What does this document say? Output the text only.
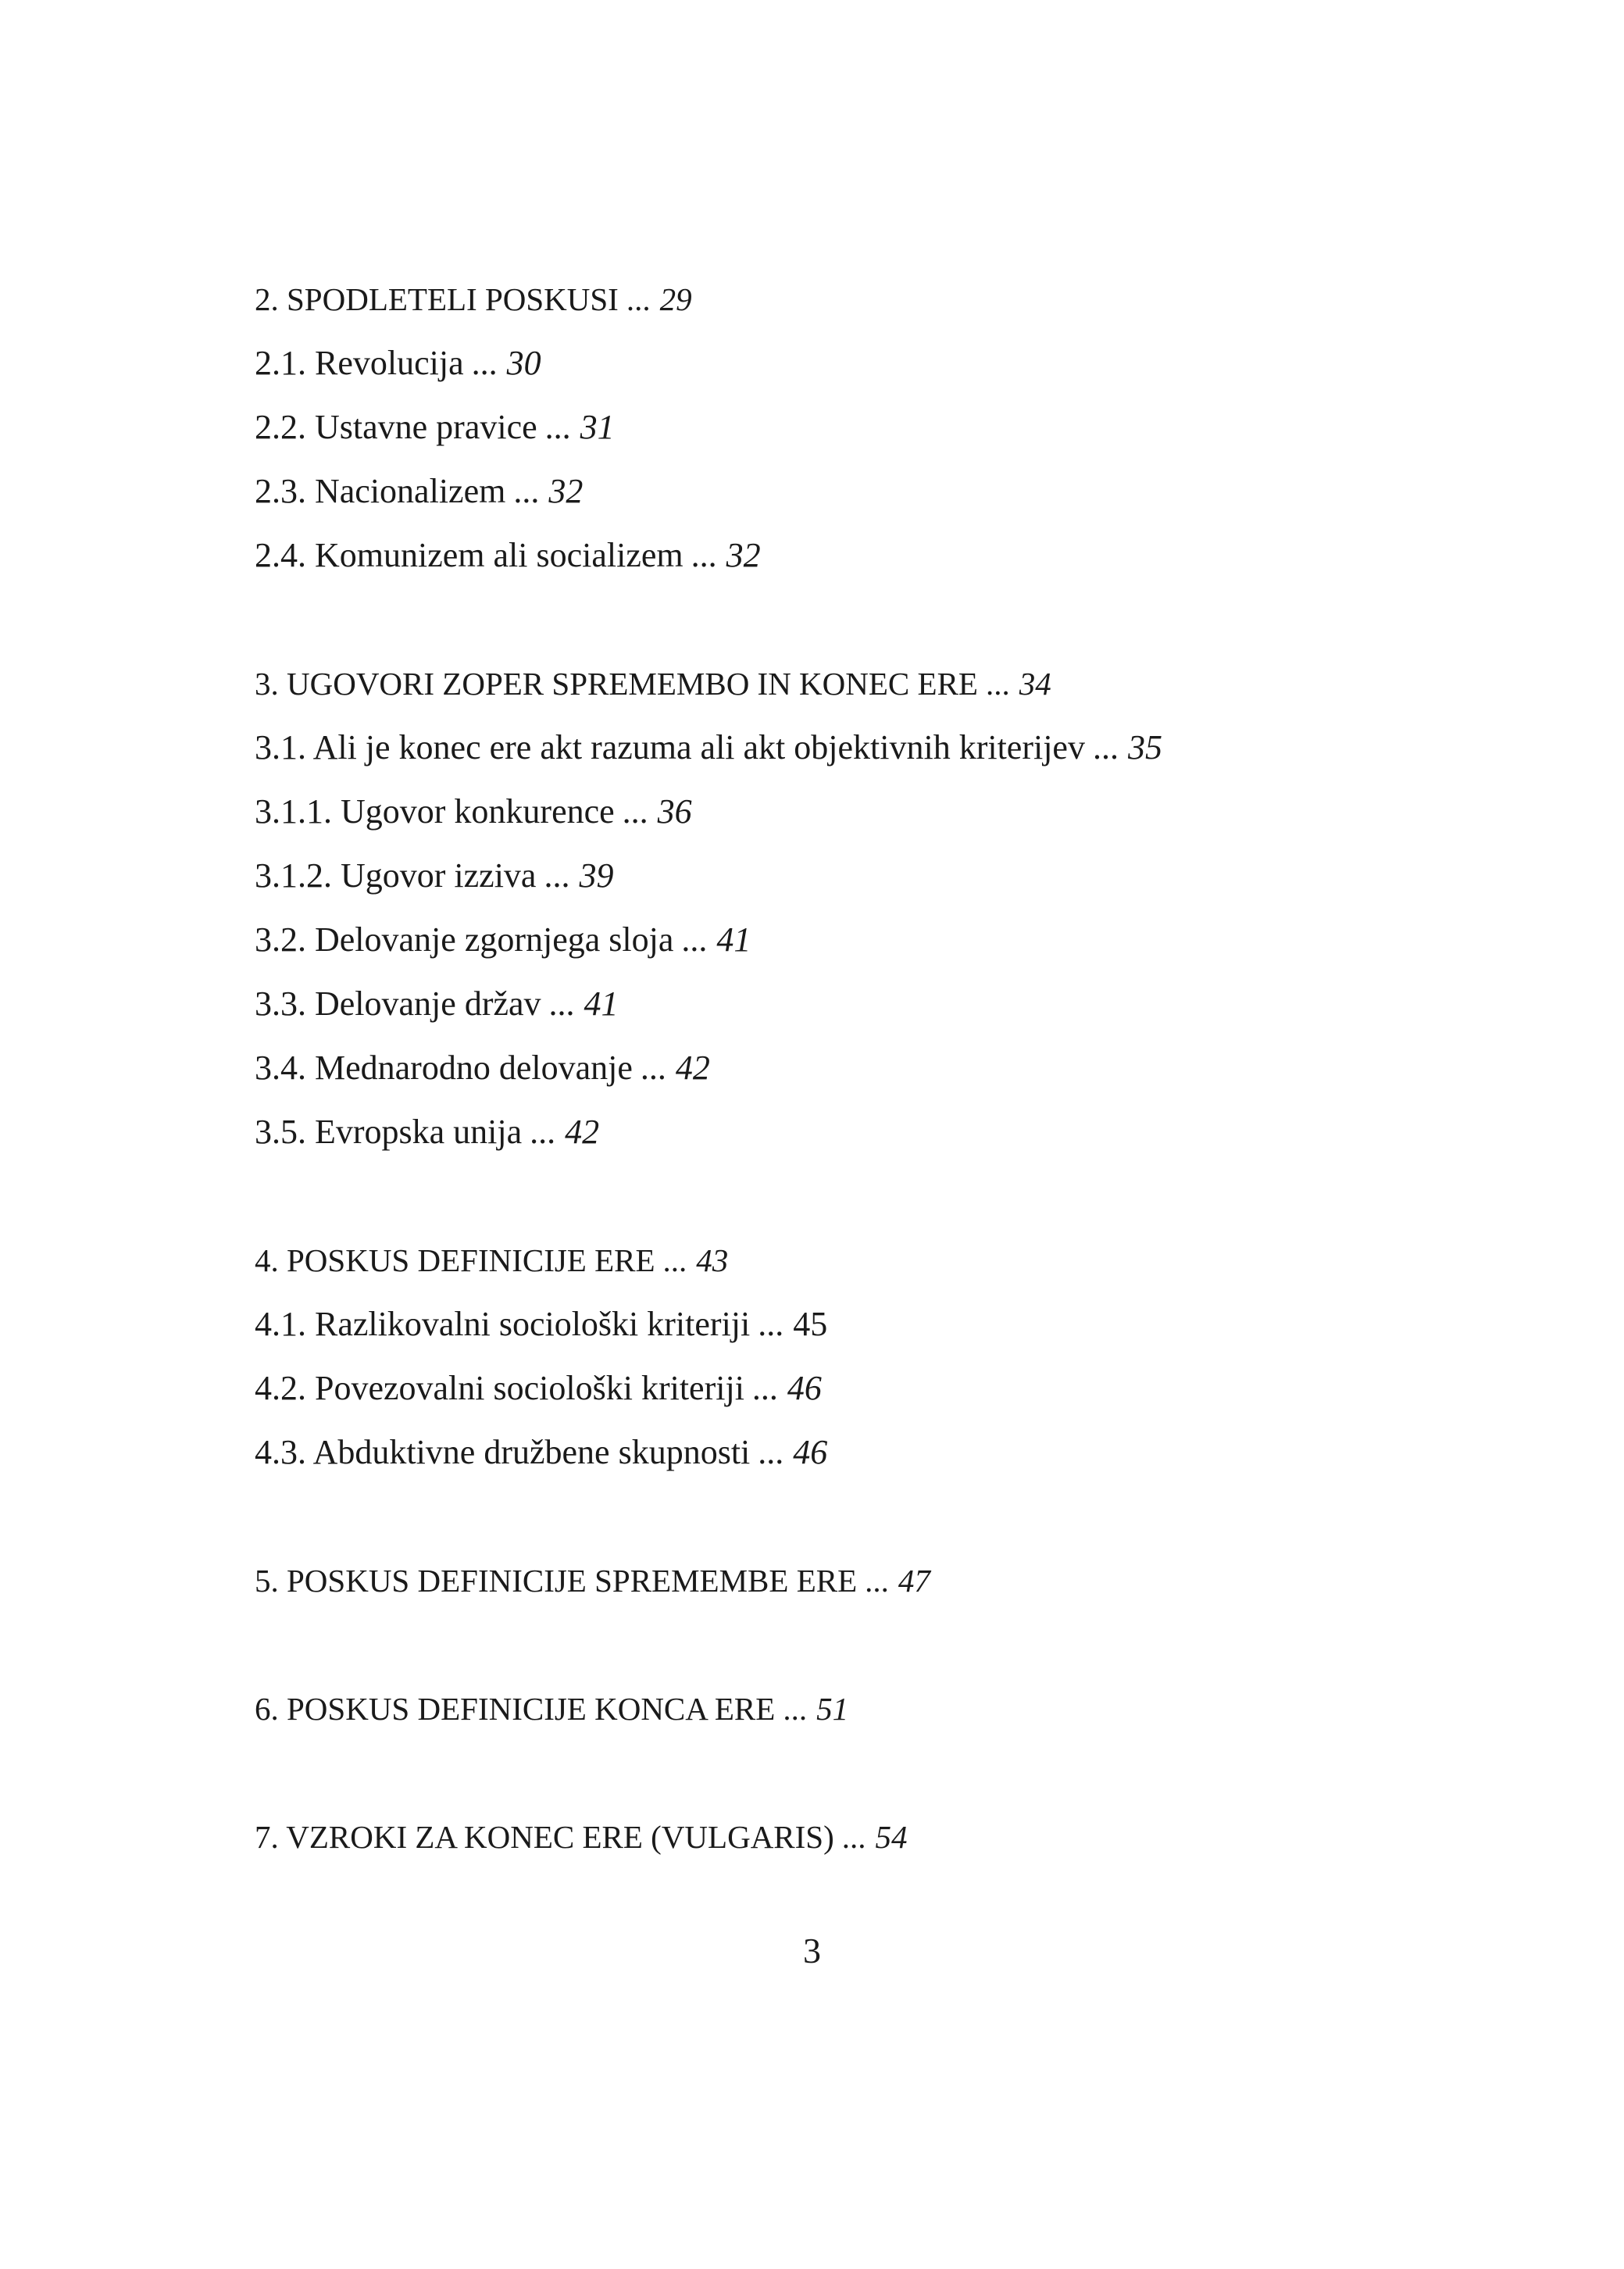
2. SPODLETELI POSKUSI ... 29
2.1. Revolucija ... 30
2.2. Ustavne pravice ... 31
2.3. Nacionalizem ... 32
2.4. Komunizem ali socializem ... 32
3. UGOVORI ZOPER SPREMEMBO IN KONEC ERE ... 34
3.1. Ali je konec ere akt razuma ali akt objektivnih kriterijev ... 35
3.1.1. Ugovor konkurence ... 36
3.1.2. Ugovor izziva ... 39
3.2. Delovanje zgornjega sloja ... 41
3.3. Delovanje držav ... 41
3.4. Mednarodno delovanje ... 42
3.5. Evropska unija ... 42
4. POSKUS DEFINICIJE ERE ... 43
4.1. Razlikovalni sociološki kriteriji ... 45
4.2. Povezovalni sociološki kriteriji ... 46
4.3. Abduktivne družbene skupnosti ... 46
5. POSKUS DEFINICIJE SPREMEMBE ERE ... 47
6. POSKUS DEFINICIJE KONCA ERE ... 51
7. VZROKI ZA KONEC ERE (VULGARIS) ... 54
3
